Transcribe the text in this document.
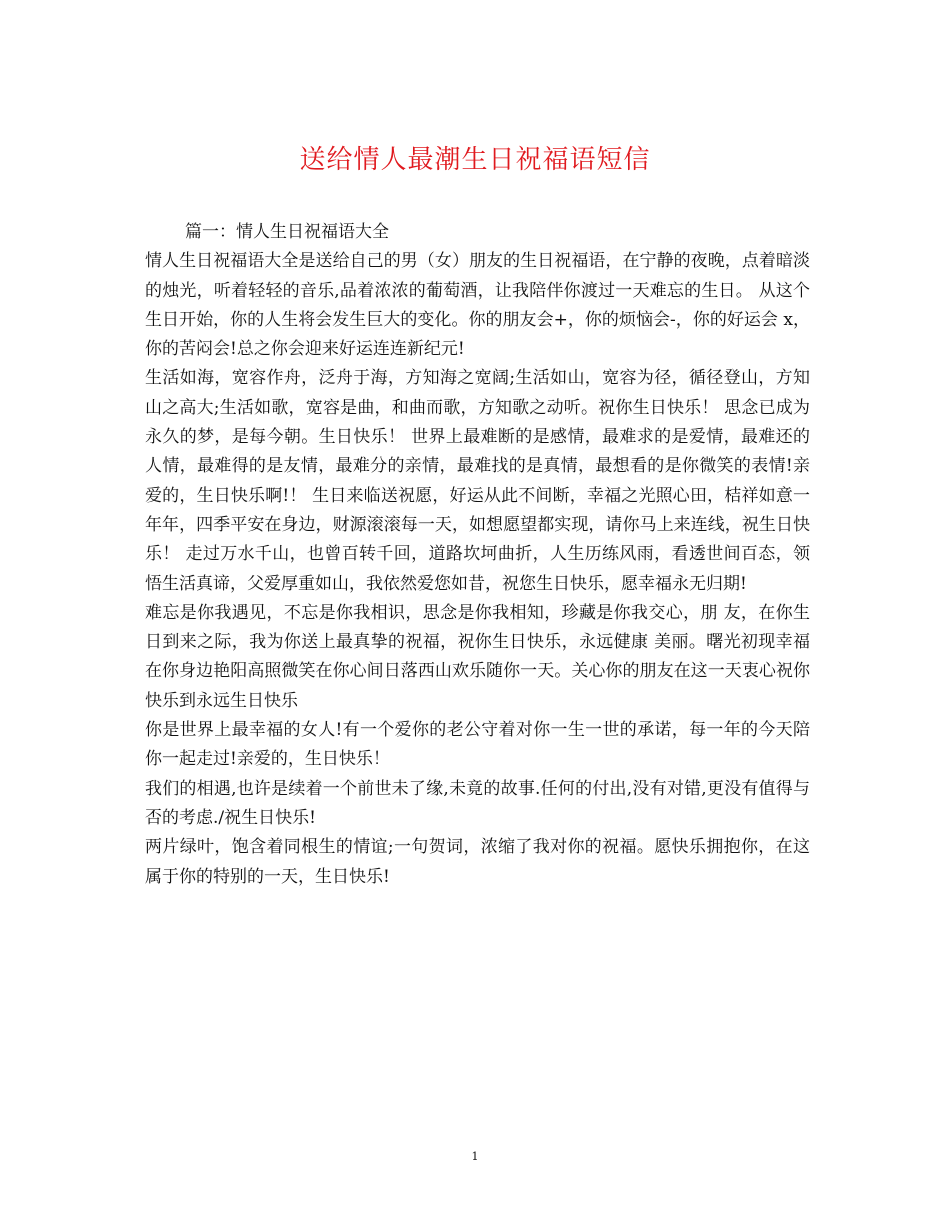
送给情人最潮生日祝福语短信

篇一：情人生日祝福语大全

情人生日祝福语大全是送给自己的男（女）朋友的生日祝福语，在宁静的夜晚，点着暗淡的烛光，听着轻轻的音乐,品着浓浓的葡萄酒，让我陪伴你渡过一天难忘的生日。 从这个生日开始，你的人生将会发生巨大的变化。你的朋友会+，你的烦恼会-，你的好运会 x，你的苦闷会!总之你会迎来好运连连新纪元!

生活如海，宽容作舟，泛舟于海，方知海之宽阔;生活如山，宽容为径，循径登山，方知山之高大;生活如歌，宽容是曲，和曲而歌，方知歌之动听。祝你生日快乐！ 思念已成为永久的梦，是每今朝。生日快乐！ 世界上最难断的是感情，最难求的是爱情，最难还的人情，最难得的是友情，最难分的亲情，最难找的是真情，最想看的是你微笑的表情!亲爱的，生日快乐啊!！ 生日来临送祝愿，好运从此不间断，幸福之光照心田，桔祥如意一年年，四季平安在身边，财源滚滚每一天，如想愿望都实现，请你马上来连线，祝生日快乐！ 走过万水千山，也曾百转千回，道路坎坷曲折，人生历练风雨，看透世间百态，领悟生活真谛，父爱厚重如山，我依然爱您如昔，祝您生日快乐，愿幸福永无归期!

难忘是你我遇见，不忘是你我相识，思念是你我相知，珍藏是你我交心，朋 友，在你生日到来之际，我为你送上最真挚的祝福，祝你生日快乐，永远健康 美丽。曙光初现幸福在你身边艳阳高照微笑在你心间日落西山欢乐随你一天。关心你的朋友在这一天衷心祝你快乐到永远生日快乐

你是世界上最幸福的女人!有一个爱你的老公守着对你一生一世的承诺，每一年的今天陪你一起走过!亲爱的，生日快乐！

我们的相遇,也许是续着一个前世未了缘,未竟的故事.任何的付出,没有对错,更没有值得与否的考虑./祝生日快乐!

两片绿叶，饱含着同根生的情谊;一句贺词，浓缩了我对你的祝福。愿快乐拥抱你，在这属于你的特别的一天，生日快乐!

1
